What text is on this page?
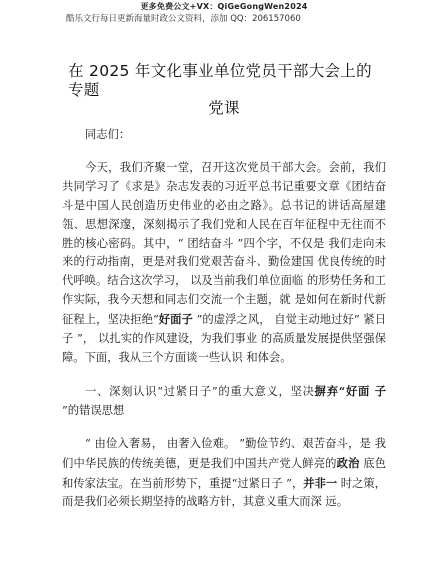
更多免费公文+VX：QiGeGongWen2024
酷乐文行每日更新海量时政公文资料，添加 QQ：206157060
在 2025 年文化事业单位党员干部大会上的专题
党课

同志们：

今天，我们齐聚一堂，召开这次党员干部大会。会前，我们共同学习了《求是》杂志发表的习近平总书记重要文章《团结奋斗是中国人民创造历史伟业的必由之路》。总书记的讲话高屋建瓴、思想深邃，深刻揭示了我们党和人民在百年征程中无往而不胜的核心密码。其中，“ 团结奋斗 ”四个字，不仅是 我们走向未来的行动指南，更是对我们党艰苦奋斗、勤俭建国 优良传统的时代呼唤。结合这次学习， 以及当前我们单位面临 的形势任务和工作实际，我今天想和同志们交流一个主题，就 是如何在新时代新征程上，坚决拒绝“好面子 ”的虚浮之风， 自觉主动地过好“ 紧日子 ”， 以扎实的作风建设，为我们事业 的高质量发展提供坚强保障。下面，我从三个方面谈一些认识 和体会。

一、深刻认识“过紧日子”的重大意义，坚决摒弃“好面 子 ”的错误思想

“ 由俭入奢易， 由奢入俭难。 ”勤俭节约、艰苦奋斗，是 我们中华民族的传统美德，更是我们中国共产党人鲜亮的政治 底色和传家法宝。在当前形势下，重提“过紧日子 ”，并非一 时之策，而是我们必须长期坚持的战略方针，其意义重大而深 远。
